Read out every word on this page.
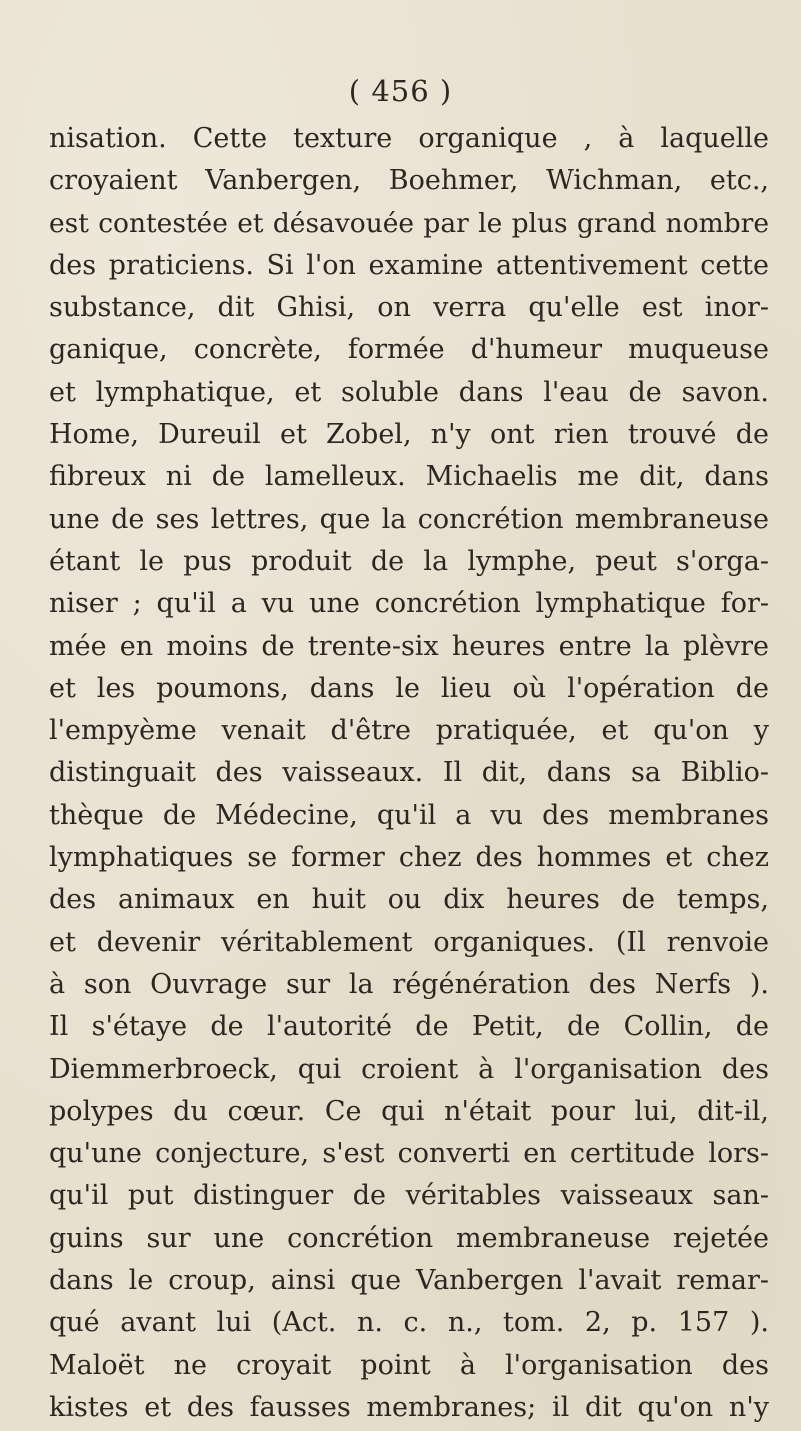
( 456 )
nisation. Cette texture organique , à laquelle
croyaient Vanbergen, Boehmer, Wichman, etc.,
est contestée et désavouée par le plus grand nombre
des praticiens. Si l'on examine attentivement cette
substance, dit Ghisi, on verra qu'elle est inor-
ganique, concrète, formée d'humeur muqueuse
et lymphatique, et soluble dans l'eau de savon.
Home, Dureuil et Zobel, n'y ont rien trouvé de
fibreux ni de lamelleux. Michaelis me dit, dans
une de ses lettres, que la concrétion membraneuse
étant le pus produit de la lymphe, peut s'orga-
niser ; qu'il a vu une concrétion lymphatique for-
mée en moins de trente-six heures entre la plèvre
et les poumons, dans le lieu où l'opération de
l'empyème venait d'être pratiquée, et qu'on y
distinguait des vaisseaux. Il dit, dans sa Biblio-
thèque de Médecine, qu'il a vu des membranes
lymphatiques se former chez des hommes et chez
des animaux en huit ou dix heures de temps,
et devenir véritablement organiques. (Il renvoie
à son Ouvrage sur la régénération des Nerfs ).
Il s'étaye de l'autorité de Petit, de Collin, de
Diemmerbroeck, qui croient à l'organisation des
polypes du cœur. Ce qui n'était pour lui, dit-il,
qu'une conjecture, s'est converti en certitude lors-
qu'il put distinguer de véritables vaisseaux san-
guins sur une concrétion membraneuse rejetée
dans le croup, ainsi que Vanbergen l'avait remar-
qué avant lui (Act. n. c. n., tom. 2, p. 157 ).
Maloët ne croyait point à l'organisation des
kistes et des fausses membranes; il dit qu'on n'y
